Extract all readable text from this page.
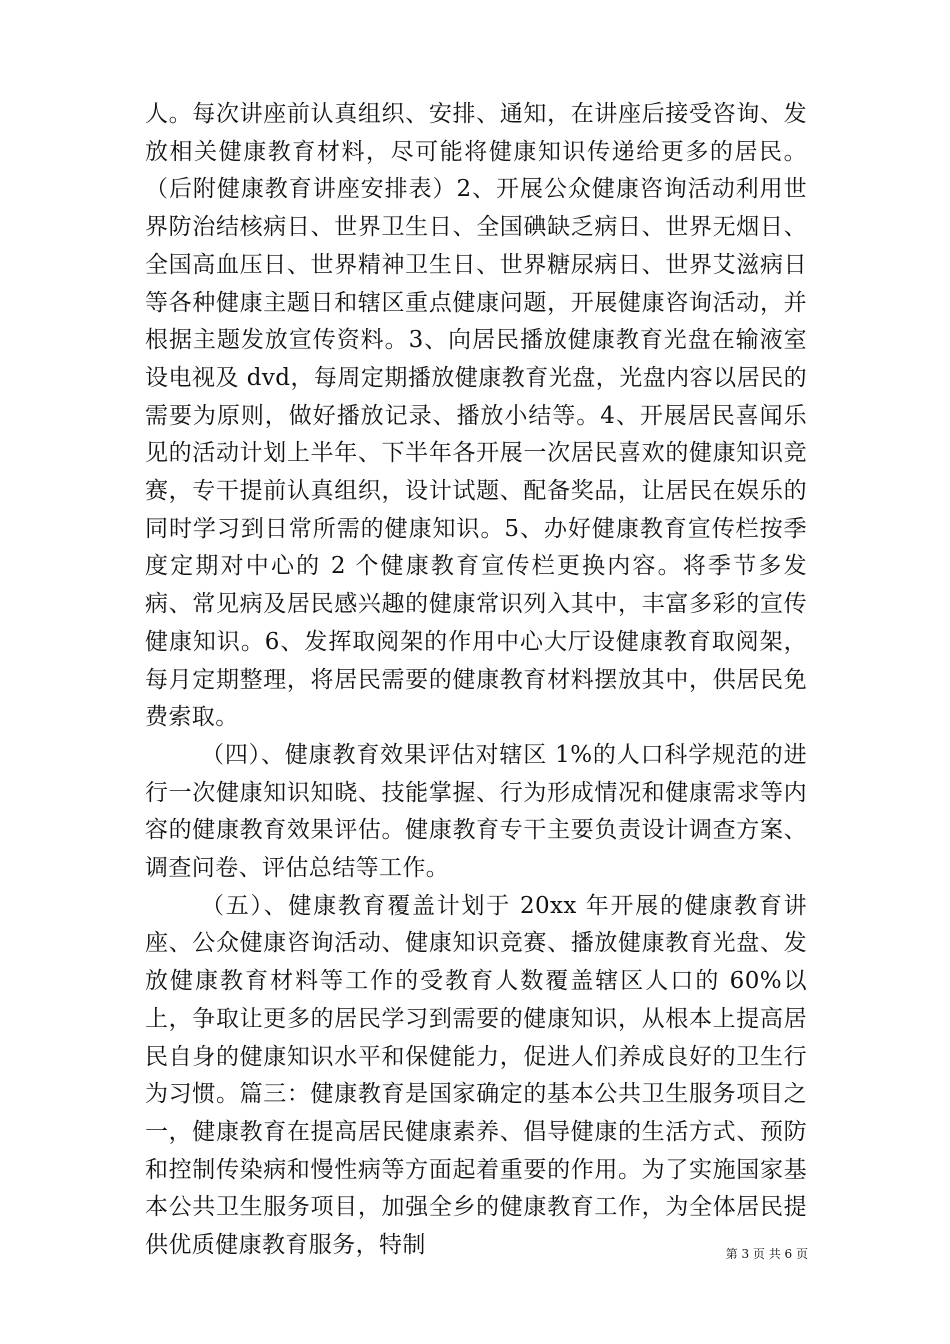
人。每次讲座前认真组织、安排、通知，在讲座后接受咨询、发放相关健康教育材料，尽可能将健康知识传递给更多的居民。（后附健康教育讲座安排表）2、开展公众健康咨询活动利用世界防治结核病日、世界卫生日、全国碘缺乏病日、世界无烟日、全国高血压日、世界精神卫生日、世界糖尿病日、世界艾滋病日等各种健康主题日和辖区重点健康问题，开展健康咨询活动，并根据主题发放宣传资料。3、向居民播放健康教育光盘在输液室设电视及 dvd，每周定期播放健康教育光盘，光盘内容以居民的需要为原则，做好播放记录、播放小结等。4、开展居民喜闻乐见的活动计划上半年、下半年各开展一次居民喜欢的健康知识竞赛，专干提前认真组织，设计试题、配备奖品，让居民在娱乐的同时学习到日常所需的健康知识。5、办好健康教育宣传栏按季度定期对中心的 2 个健康教育宣传栏更换内容。将季节多发病、常见病及居民感兴趣的健康常识列入其中，丰富多彩的宣传健康知识。6、发挥取阅架的作用中心大厅设健康教育取阅架，每月定期整理，将居民需要的健康教育材料摆放其中，供居民免费索取。

（四）、健康教育效果评估对辖区 1%的人口科学规范的进行一次健康知识知晓、技能掌握、行为形成情况和健康需求等内容的健康教育效果评估。健康教育专干主要负责设计调查方案、调查问卷、评估总结等工作。

（五）、健康教育覆盖计划于 20xx 年开展的健康教育讲座、公众健康咨询活动、健康知识竞赛、播放健康教育光盘、发放健康教育材料等工作的受教育人数覆盖辖区人口的 60%以上，争取让更多的居民学习到需要的健康知识，从根本上提高居民自身的健康知识水平和保健能力，促进人们养成良好的卫生行为习惯。篇三：健康教育是国家确定的基本公共卫生服务项目之一，健康教育在提高居民健康素养、倡导健康的生活方式、预防和控制传染病和慢性病等方面起着重要的作用。为了实施国家基本公共卫生服务项目，加强全乡的健康教育工作，为全体居民提供优质健康教育服务，特制	第 3 页 共 6 页
